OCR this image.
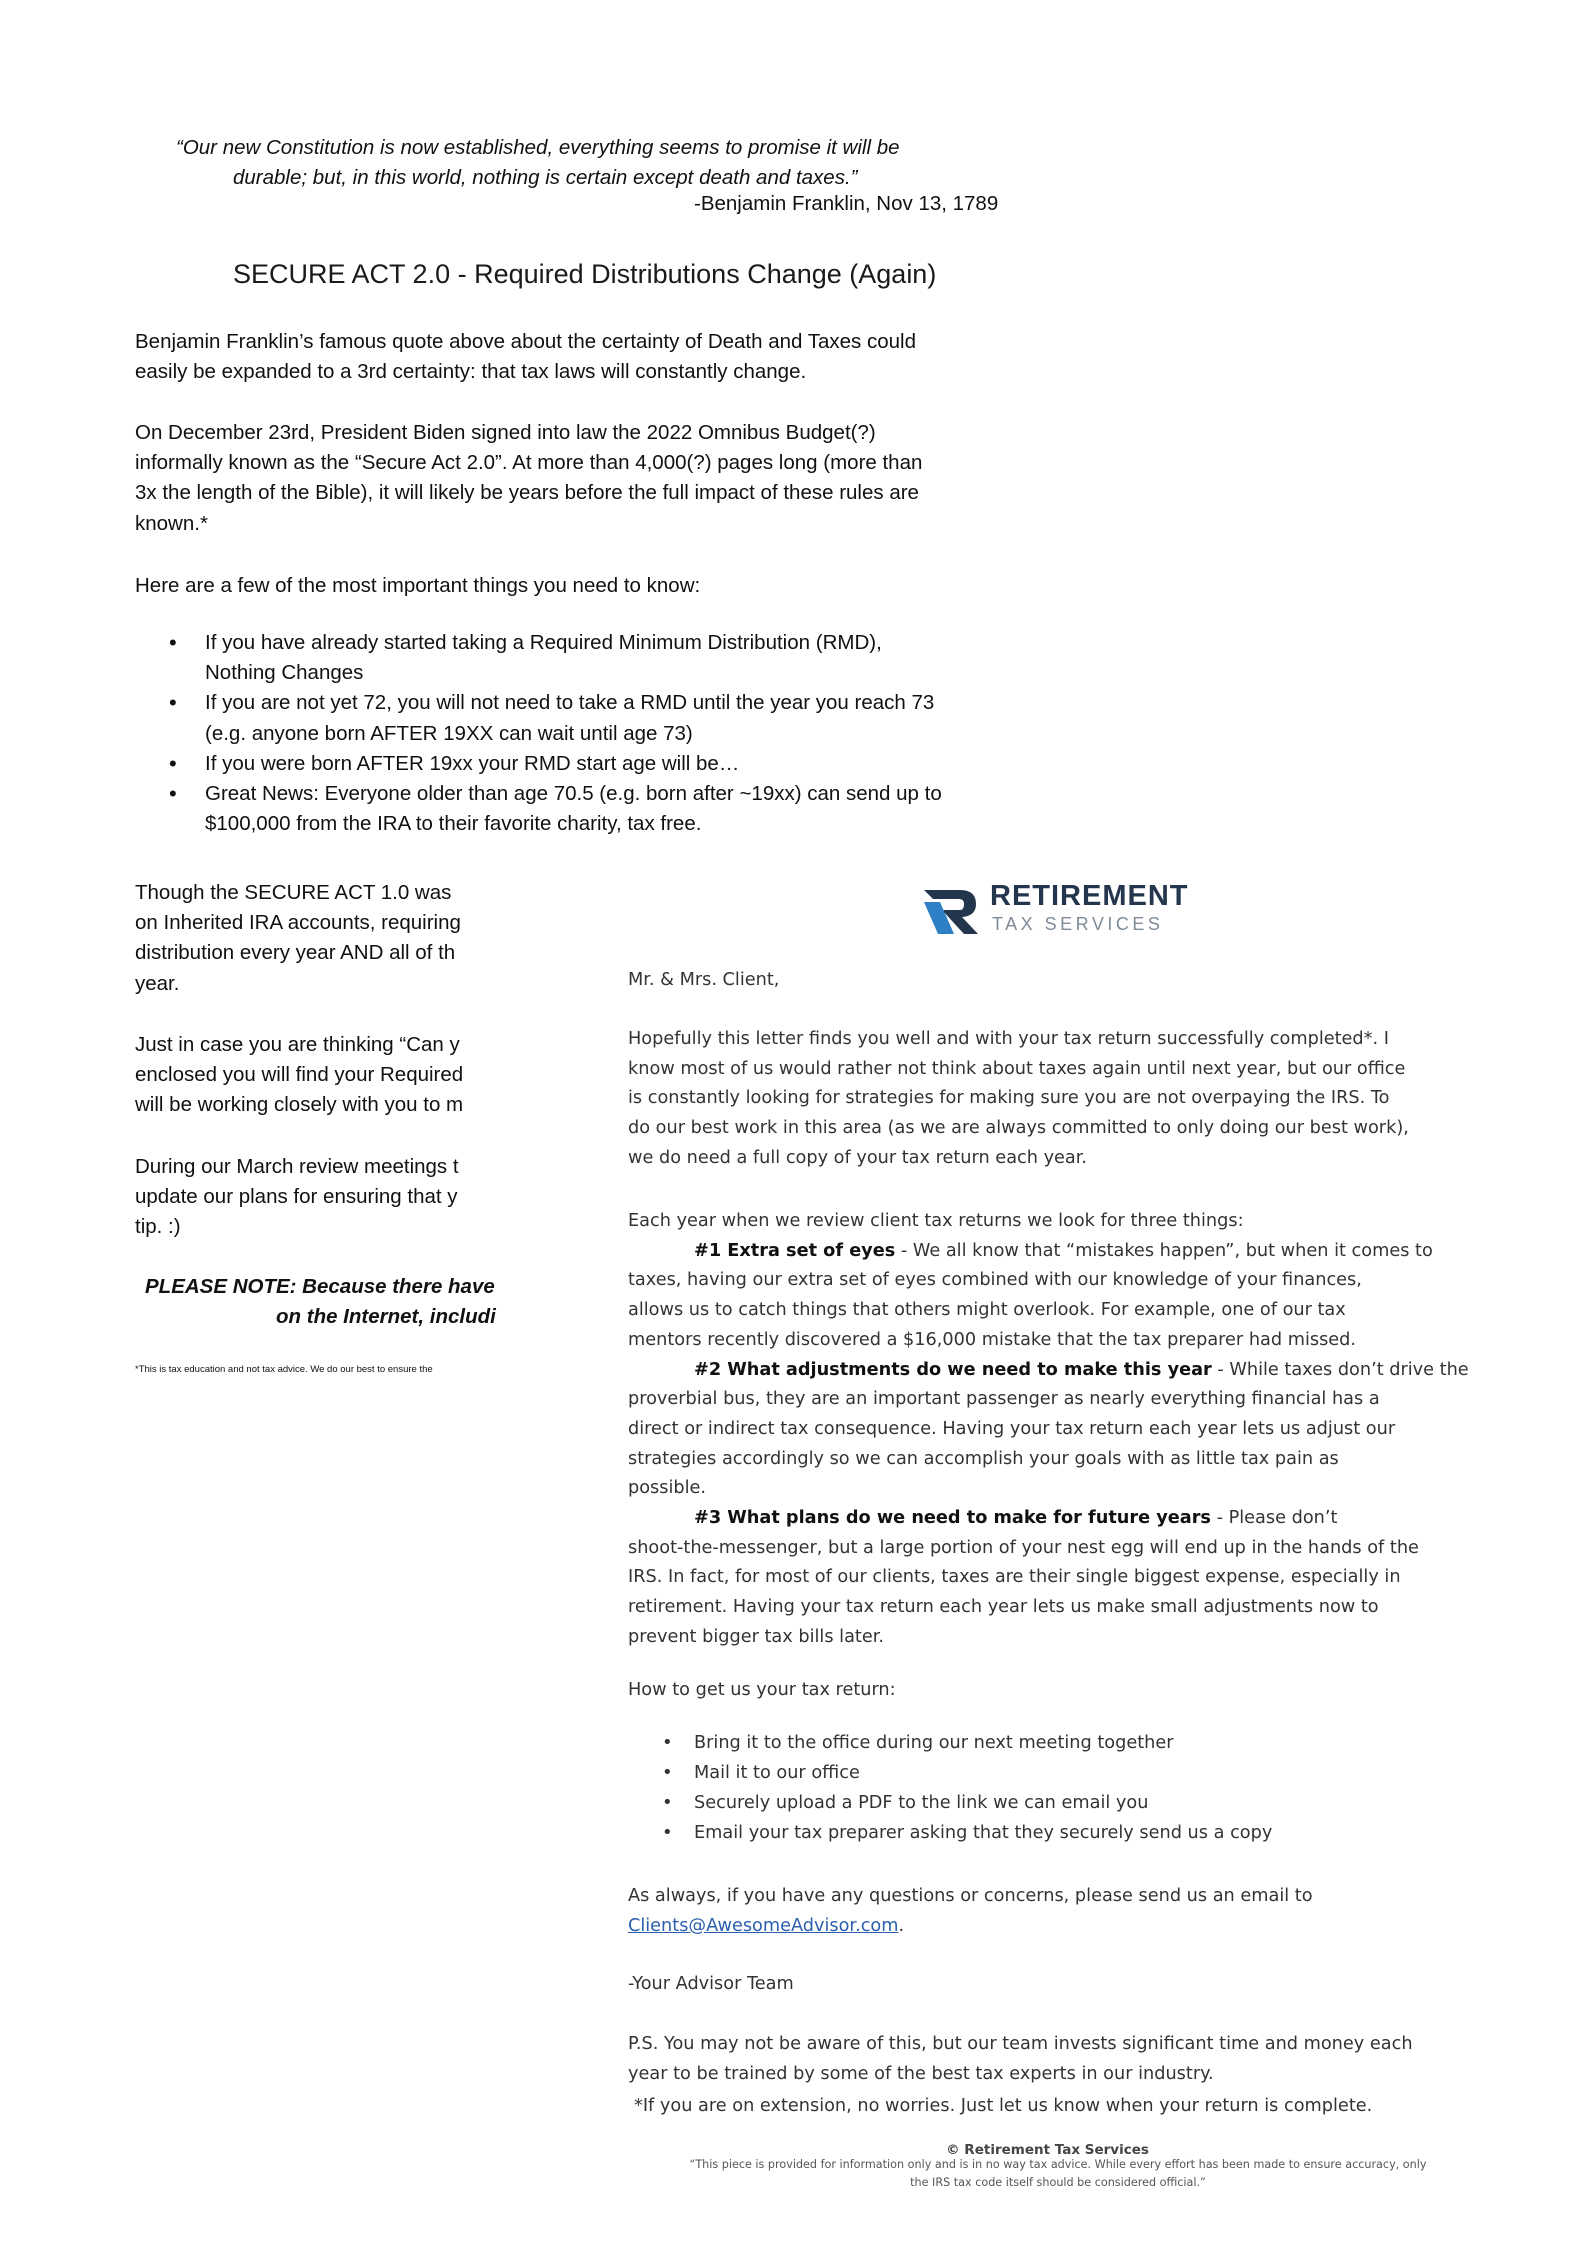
“Our new Constitution is now established, everything seems to promise it will be
durable; but, in this world, nothing is certain except death and taxes.”
-Benjamin Franklin, Nov 13, 1789
SECURE ACT 2.0 - Required Distributions Change (Again)
Benjamin Franklin’s famous quote above about the certainty of Death and Taxes could
easily be expanded to a 3rd certainty: that tax laws will constantly change.
On December 23rd, President Biden signed into law the 2022 Omnibus Budget(?)
informally known as the “Secure Act 2.0”. At more than 4,000(?) pages long (more than
3x the length of the Bible), it will likely be years before the full impact of these rules are
known.*
Here are a few of the most important things you need to know:
• If you have already started taking a Required Minimum Distribution (RMD),
Nothing Changes
• If you are not yet 72, you will not need to take a RMD until the year you reach 73
(e.g. anyone born AFTER 19XX can wait until age 73)
• If you were born AFTER 19xx your RMD start age will be…
• Great News: Everyone older than age 70.5 (e.g. born after ~19xx) can send up to
$100,000 from the IRA to their favorite charity, tax free.
Though the SECURE ACT 1.0 was
on Inherited IRA accounts, requiring
distribution every year AND all of th
year.
Just in case you are thinking “Can y
enclosed you will find your Required
will be working closely with you to m
During our March review meetings t
update our plans for ensuring that y
tip. :)
PLEASE NOTE: Because there have
on the Internet, includi
*This is tax education and not tax advice. We do our best to ensure the
RETIREMENT
TAX SERVICES
Mr. & Mrs. Client,
Hopefully this letter finds you well and with your tax return successfully completed*. I
know most of us would rather not think about taxes again until next year, but our office
is constantly looking for strategies for making sure you are not overpaying the IRS. To
do our best work in this area (as we are always committed to only doing our best work),
we do need a full copy of your tax return each year.
Each year when we review client tax returns we look for three things:
#1 Extra set of eyes - We all know that “mistakes happen”, but when it comes to
taxes, having our extra set of eyes combined with our knowledge of your finances,
allows us to catch things that others might overlook. For example, one of our tax
mentors recently discovered a $16,000 mistake that the tax preparer had missed.
#2 What adjustments do we need to make this year - While taxes don’t drive the
proverbial bus, they are an important passenger as nearly everything financial has a
direct or indirect tax consequence. Having your tax return each year lets us adjust our
strategies accordingly so we can accomplish your goals with as little tax pain as
possible.
#3 What plans do we need to make for future years - Please don’t
shoot-the-messenger, but a large portion of your nest egg will end up in the hands of the
IRS. In fact, for most of our clients, taxes are their single biggest expense, especially in
retirement. Having your tax return each year lets us make small adjustments now to
prevent bigger tax bills later.
How to get us your tax return:
• Bring it to the office during our next meeting together
• Mail it to our office
• Securely upload a PDF to the link we can email you
• Email your tax preparer asking that they securely send us a copy
As always, if you have any questions or concerns, please send us an email to
Clients@AwesomeAdvisor.com.
-Your Advisor Team
P.S. You may not be aware of this, but our team invests significant time and money each
year to be trained by some of the best tax experts in our industry.
*If you are on extension, no worries. Just let us know when your return is complete.
© Retirement Tax Services
“This piece is provided for information only and is in no way tax advice. While every effort has been made to ensure accuracy, only
the IRS tax code itself should be considered official.”
